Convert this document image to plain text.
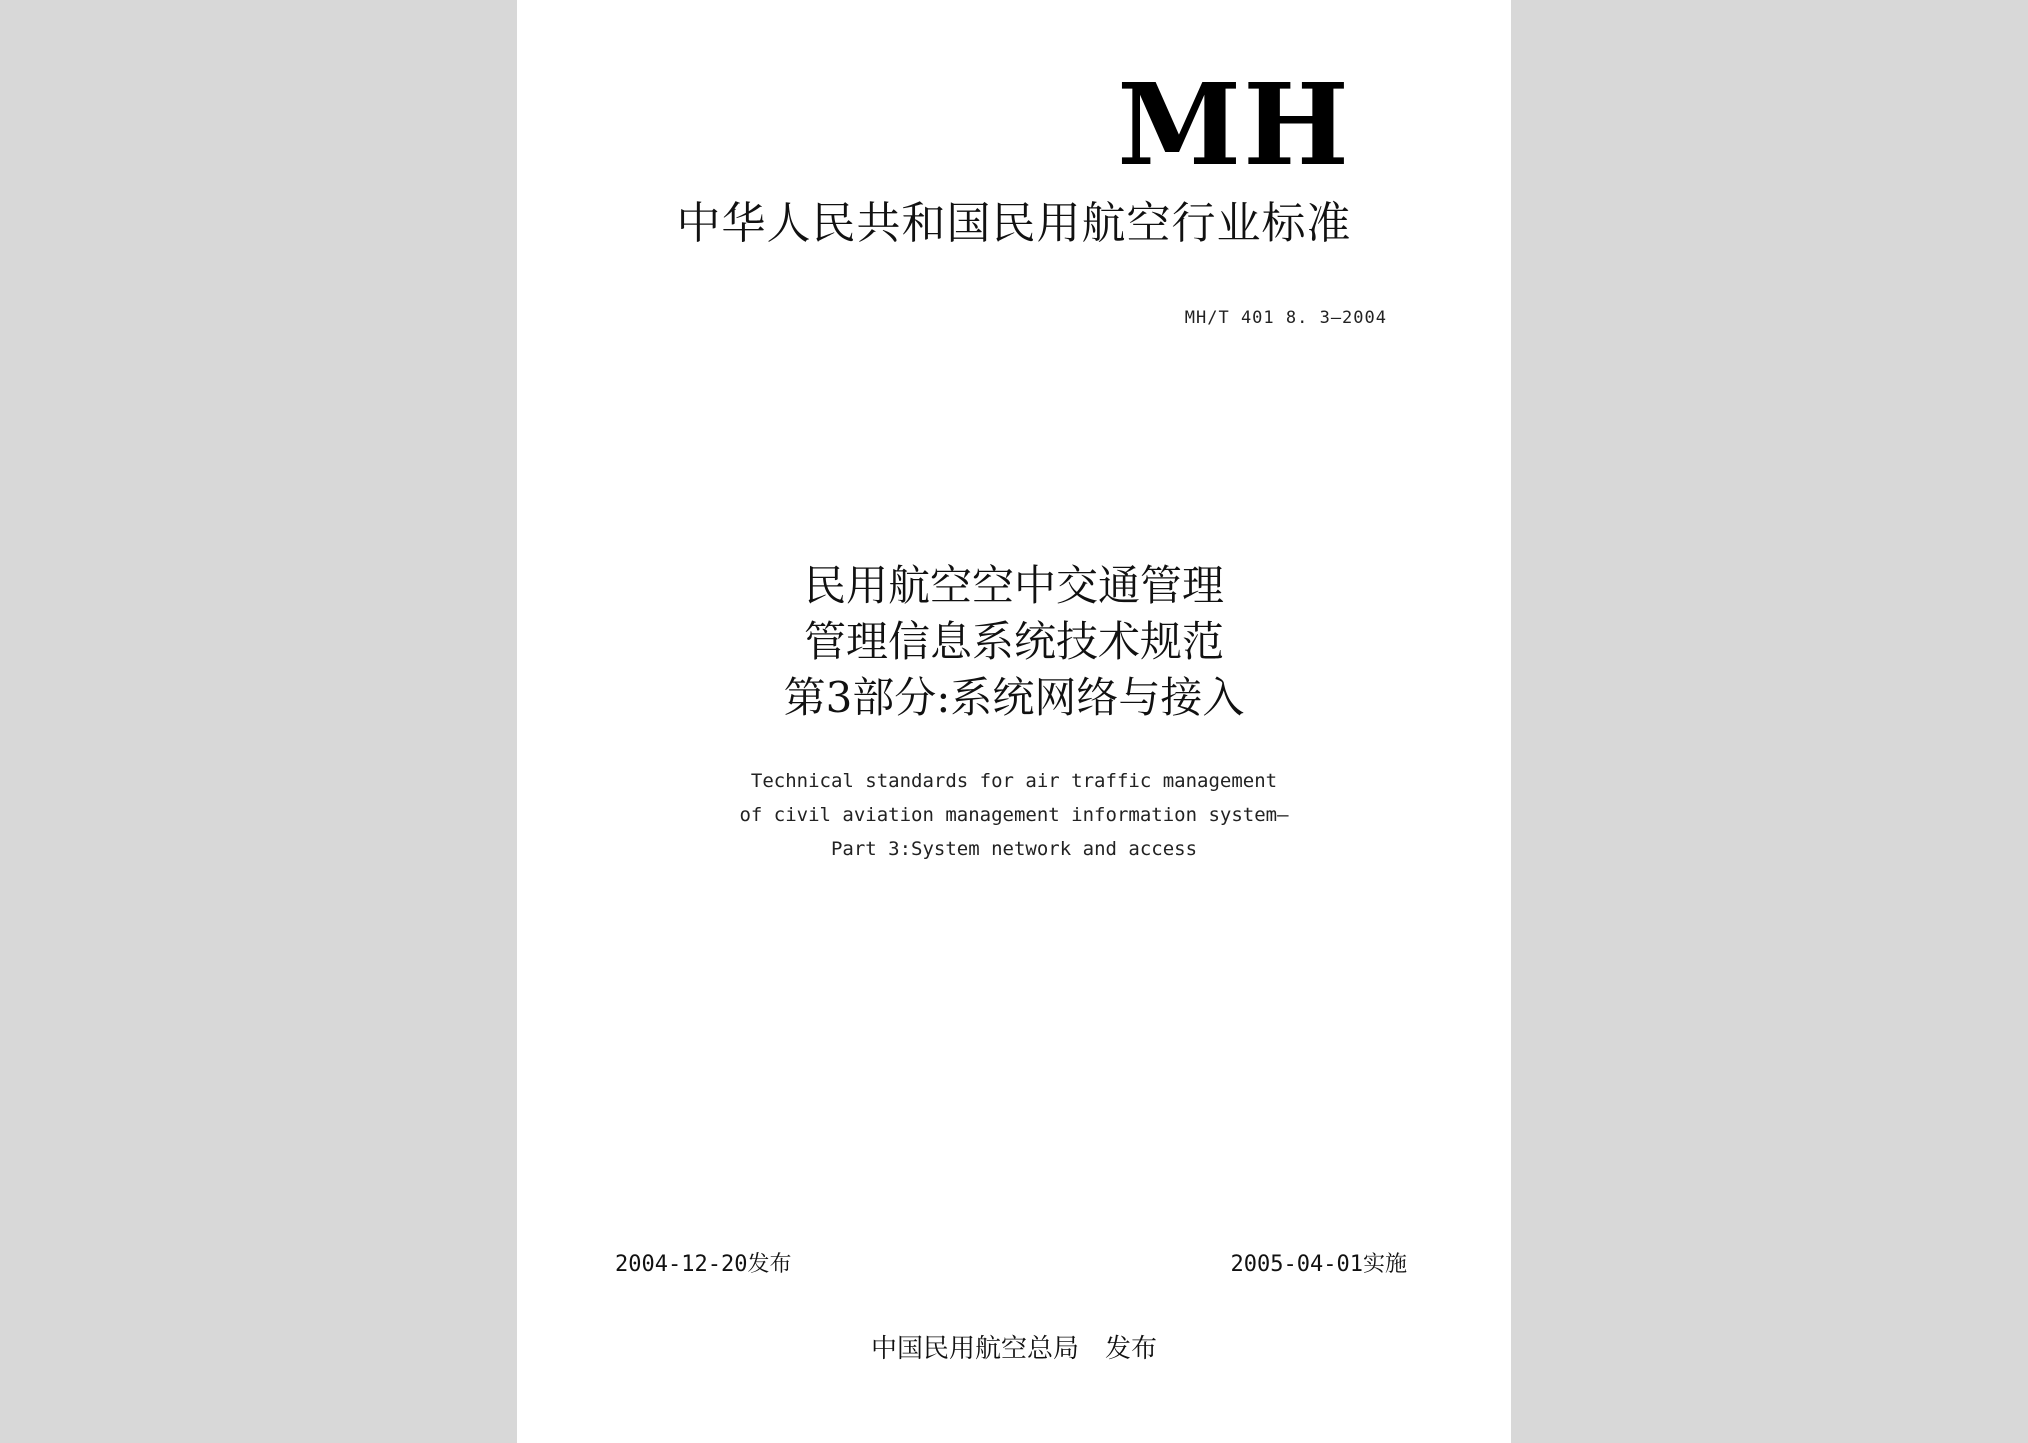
MH
中华人民共和国民用航空行业标准
MH/T 401 8. 3—2004
民用航空空中交通管理
管理信息系统技术规范
第3部分:系统网络与接入
Technical standards for air traffic management
of civil aviation management information system—
Part 3:System network and access
2004-12-20发布	2005-04-01实施
中国民用航空总局 发布
